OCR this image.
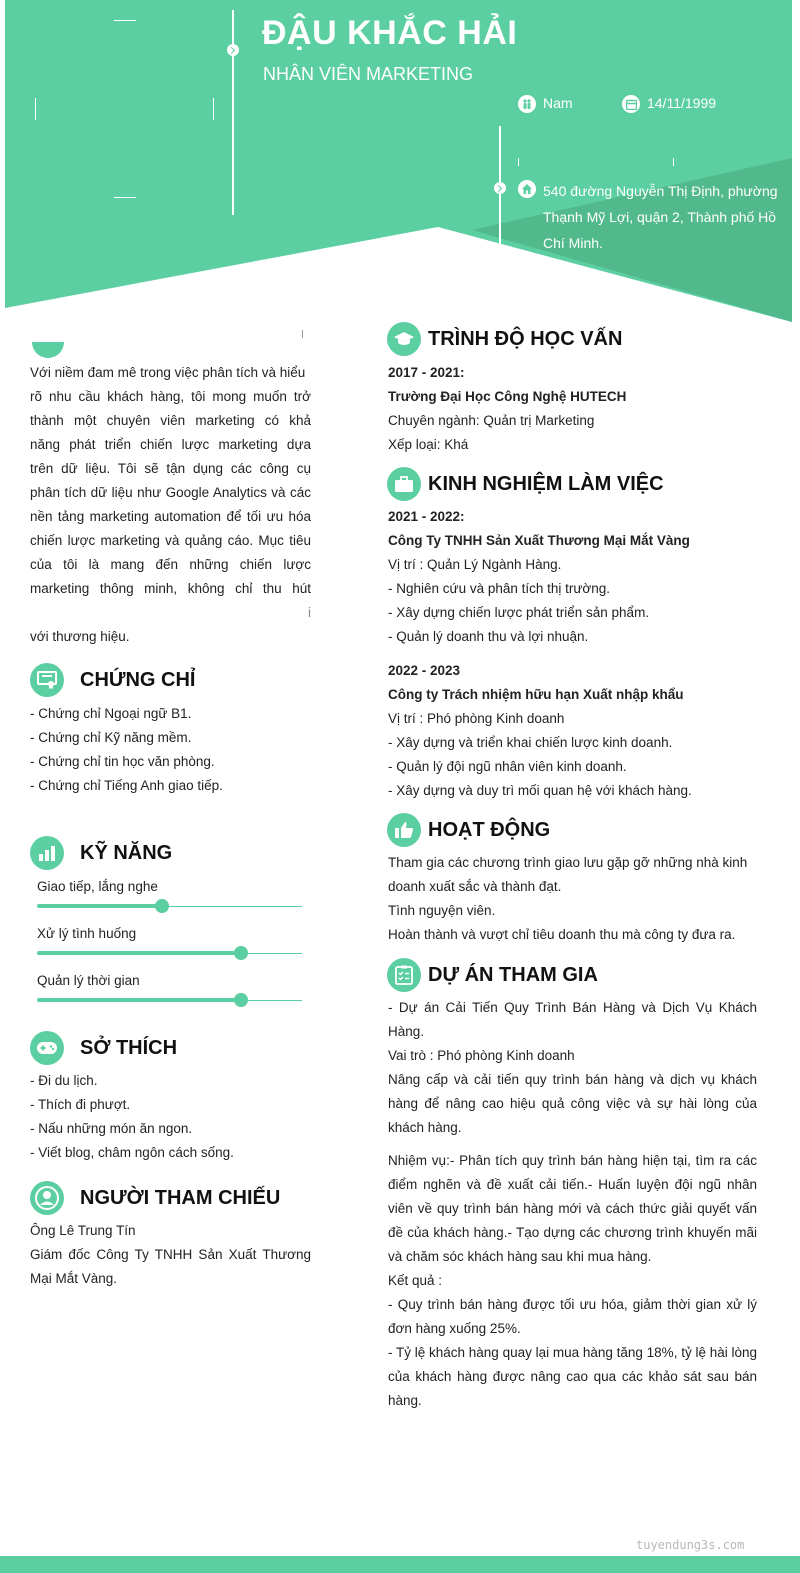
ĐẬU KHẮC HẢI
NHÂN VIÊN MARKETING
Nam	14/11/1999
540 đường Nguyễn Thị Định, phường Thạnh Mỹ Lợi, quận 2, Thành phố Hồ Chí Minh.
Với niềm đam mê trong việc phân tích và hiểu
rõ nhu cầu khách hàng, tôi mong muốn trở
thành một chuyên viên marketing có khả
năng phát triển chiến lược marketing dựa
trên dữ liệu. Tôi sẽ tận dụng các công cụ
phân tích dữ liệu như Google Analytics và các
nền tảng marketing automation để tối ưu hóa
chiến lược marketing và quảng cáo. Mục tiêu
của tôi là mang đến những chiến lược
marketing thông minh, không chỉ thu hút
i
với thương hiệu.
CHỨNG CHỈ
- Chứng chỉ Ngoại ngữ B1.
- Chứng chỉ Kỹ năng mềm.
- Chứng chỉ tin học văn phòng.
- Chứng chỉ Tiếng Anh giao tiếp.
KỸ NĂNG
Giao tiếp, lắng nghe
Xử lý tình huống
Quản lý thời gian
SỞ THÍCH
- Đi du lịch.
- Thích đi phượt.
- Nấu những món ăn ngon.
- Viết blog, châm ngôn cách sống.
NGƯỜI THAM CHIẾU
Ông Lê Trung Tín
Giám đốc Công Ty TNHH Sản Xuất Thương
Mại Mắt Vàng.
TRÌNH ĐỘ HỌC VẤN
2017 - 2021:
Trường Đại Học Công Nghệ HUTECH
Chuyên ngành: Quản trị Marketing
Xếp loại: Khá
KINH NGHIỆM LÀM VIỆC
2021 - 2022:
Công Ty TNHH Sản Xuất Thương Mại Mắt Vàng
Vị trí : Quản Lý Ngành Hàng.
- Nghiên cứu và phân tích thị trường.
- Xây dựng chiến lược phát triển sản phẩm.
- Quản lý doanh thu và lợi nhuận.
2022 - 2023
Công ty Trách nhiệm hữu hạn Xuất nhập khẩu
Vị trí : Phó phòng Kinh doanh
- Xây dựng và triển khai chiến lược kinh doanh.
- Quản lý đội ngũ nhân viên kinh doanh.
- Xây dựng và duy trì mối quan hệ với khách hàng.
HOẠT ĐỘNG
Tham gia các chương trình giao lưu gặp gỡ những nhà kinh
doanh xuất sắc và thành đạt.
Tình nguyện viên.
Hoàn thành và vượt chỉ tiêu doanh thu mà công ty đưa ra.
DỰ ÁN THAM GIA
- Dự án Cải Tiến Quy Trình Bán Hàng và Dịch Vụ Khách Hàng.
Vai trò : Phó phòng Kinh doanh
Nâng cấp và cải tiến quy trình bán hàng và dịch vụ khách hàng để nâng cao hiệu quả công việc và sự hài lòng của khách hàng.
Nhiệm vụ:- Phân tích quy trình bán hàng hiện tại, tìm ra các điểm nghẽn và đề xuất cải tiến.- Huấn luyện đội ngũ nhân viên về quy trình bán hàng mới và cách thức giải quyết vấn đề của khách hàng.- Tạo dựng các chương trình khuyến mãi và chăm sóc khách hàng sau khi mua hàng.
Kết quả :
- Quy trình bán hàng được tối ưu hóa, giảm thời gian xử lý đơn hàng xuống 25%.
- Tỷ lệ khách hàng quay lại mua hàng tăng 18%, tỷ lệ hài lòng của khách hàng được nâng cao qua các khảo sát sau bán hàng.
tuyendung3s.com
